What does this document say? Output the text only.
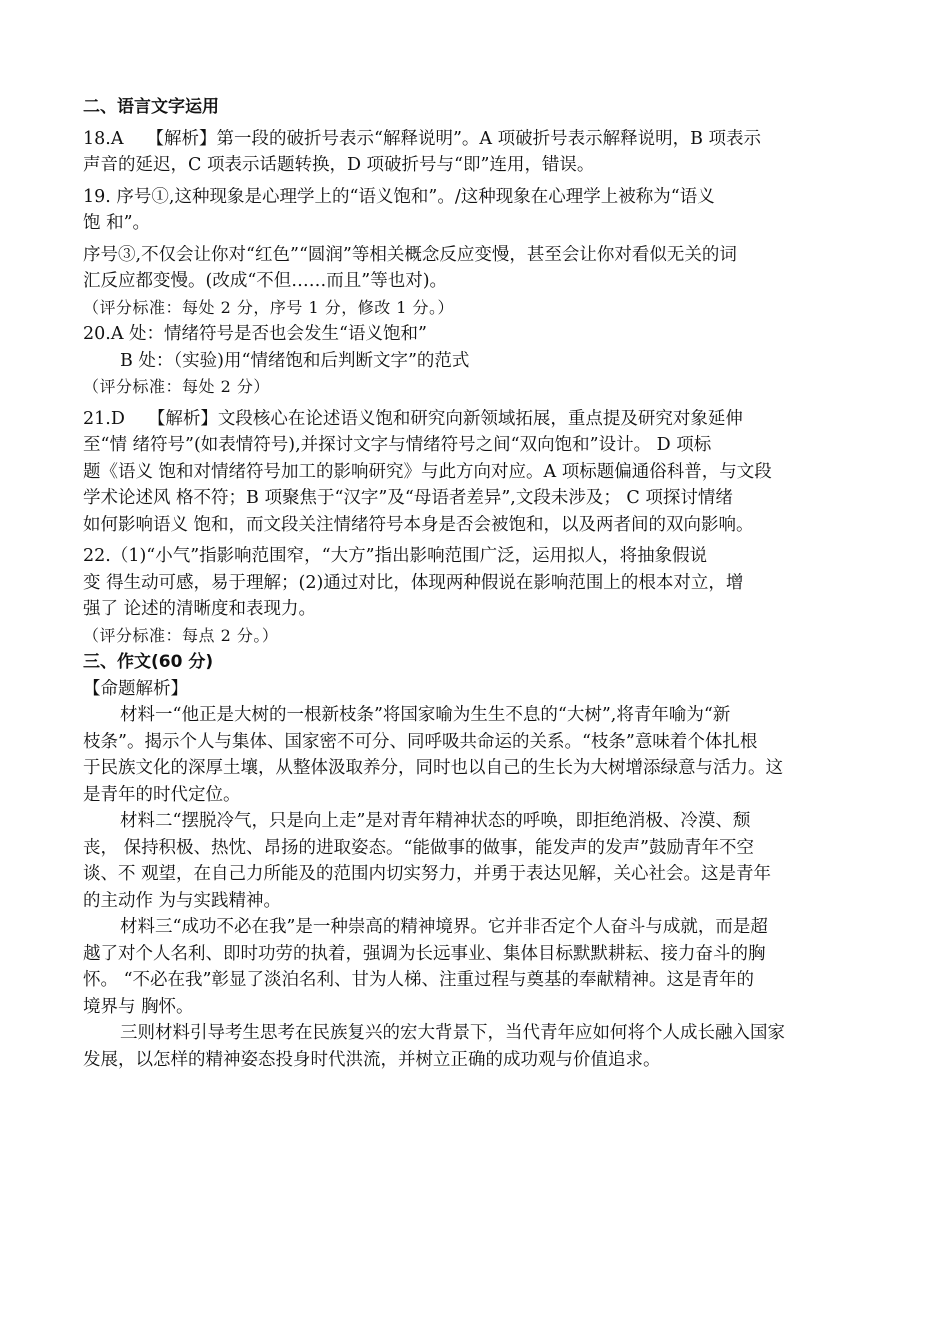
二、语言文字运用
18.A　 【解析】第一段的破折号表示“解释说明”。A 项破折号表示解释说明，B 项表示
声音的延迟，C 项表示话题转换，D 项破折号与“即”连用，错误。
19. 序号①,这种现象是心理学上的“语义饱和”。/这种现象在心理学上被称为“语义
饱 和”。
序号③,不仅会让你对“红色”“圆润”等相关概念反应变慢，甚至会让你对看似无关的词
汇反应都变慢。(改成“不但……而且”等也对)。
（评分标准：每处 2 分，序号 1 分，修改 1 分。）
20.A 处：情绪符号是否也会发生“语义饱和”
B 处：（实验)用“情绪饱和后判断文字”的范式
（评分标准：每处 2 分）
21.D　 【解析】文段核心在论述语义饱和研究向新领域拓展，重点提及研究对象延伸
至“情 绪符号”(如表情符号),并探讨文字与情绪符号之间“双向饱和”设计。 D 项标
题《语义 饱和对情绪符号加工的影响研究》与此方向对应。A 项标题偏通俗科普，与文段
学术论述风 格不符；B 项聚焦于“汉字”及“母语者差异”,文段未涉及； C 项探讨情绪
如何影响语义 饱和，而文段关注情绪符号本身是否会被饱和，以及两者间的双向影响。
22.（1)“小气”指影响范围窄，“大方”指出影响范围广泛，运用拟人，将抽象假说
变 得生动可感，易于理解；(2)通过对比，体现两种假说在影响范围上的根本对立，增
强了 论述的清晰度和表现力。
（评分标准：每点 2 分。）
三、作文(60 分)
【命题解析】
材料一“他正是大树的一根新枝条”将国家喻为生生不息的“大树”,将青年喻为“新
枝条”。揭示个人与集体、国家密不可分、同呼吸共命运的关系。“枝条”意味着个体扎根
于民族文化的深厚土壤，从整体汲取养分，同时也以自己的生长为大树增添绿意与活力。这
是青年的时代定位。
材料二“摆脱冷气，只是向上走”是对青年精神状态的呼唤，即拒绝消极、冷漠、颓
丧， 保持积极、热忱、昂扬的进取姿态。“能做事的做事，能发声的发声”鼓励青年不空
谈、不 观望，在自己力所能及的范围内切实努力，并勇于表达见解，关心社会。这是青年
的主动作 为与实践精神。
材料三“成功不必在我”是一种崇高的精神境界。它并非否定个人奋斗与成就，而是超
越了对个人名利、即时功劳的执着，强调为长远事业、集体目标默默耕耘、接力奋斗的胸
怀。 “不必在我”彰显了淡泊名利、甘为人梯、注重过程与奠基的奉献精神。这是青年的
境界与 胸怀。
三则材料引导考生思考在民族复兴的宏大背景下，当代青年应如何将个人成长融入国家
发展，以怎样的精神姿态投身时代洪流，并树立正确的成功观与价值追求。
